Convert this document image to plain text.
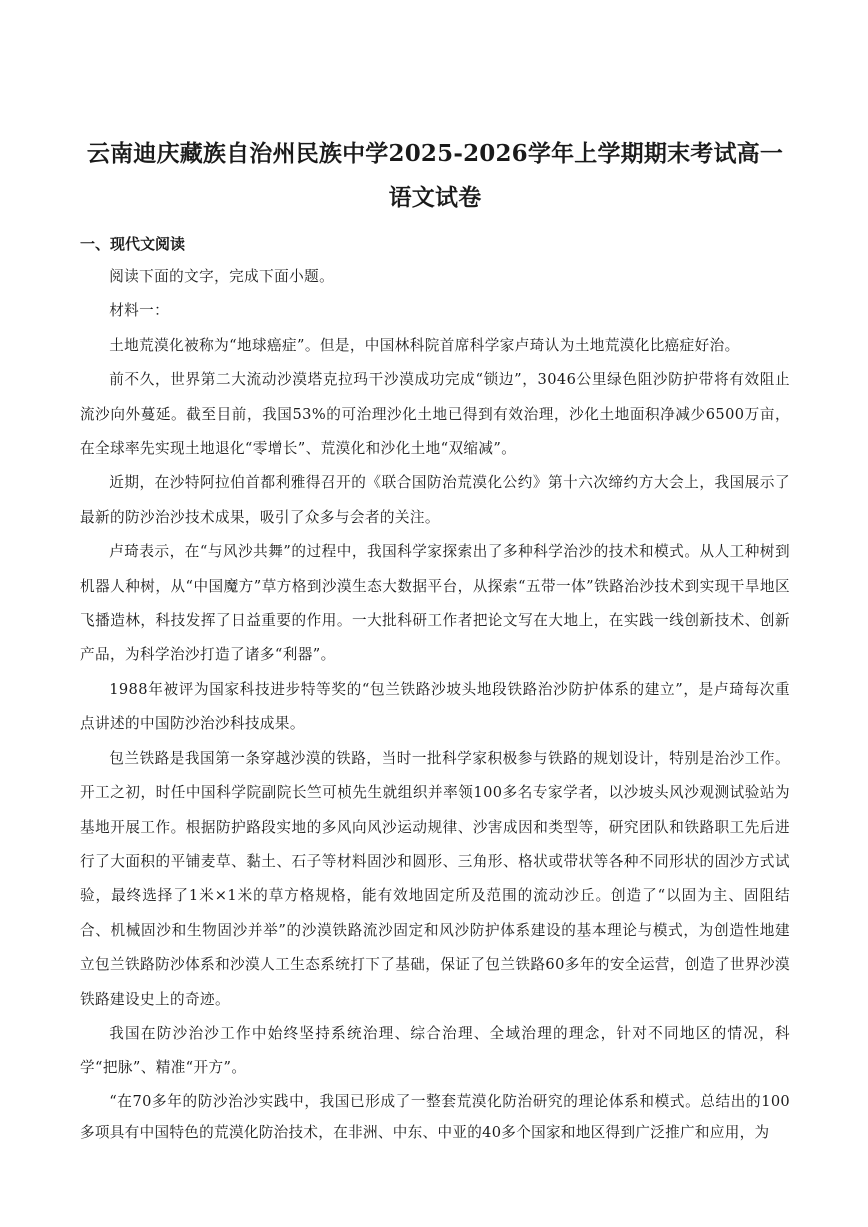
云南迪庆藏族自治州民族中学2025-2026学年上学期期末考试高一语文试卷
一、现代文阅读

阅读下面的文字，完成下面小题。

材料一：

土地荒漠化被称为“地球癌症”。但是，中国林科院首席科学家卢琦认为土地荒漠化比癌症好治。

前不久，世界第二大流动沙漠塔克拉玛干沙漠成功完成“锁边”，3046公里绿色阻沙防护带将有效阻止流沙向外蔓延。截至目前，我国53%的可治理沙化土地已得到有效治理，沙化土地面积净减少6500万亩，在全球率先实现土地退化“零增长”、荒漠化和沙化土地“双缩减”。

近期，在沙特阿拉伯首都利雅得召开的《联合国防治荒漠化公约》第十六次缔约方大会上，我国展示了最新的防沙治沙技术成果，吸引了众多与会者的关注。

卢琦表示，在“与风沙共舞”的过程中，我国科学家探索出了多种科学治沙的技术和模式。从人工种树到机器人种树，从“中国魔方”草方格到沙漠生态大数据平台，从探索“五带一体”铁路治沙技术到实现干旱地区飞播造林，科技发挥了日益重要的作用。一大批科研工作者把论文写在大地上，在实践一线创新技术、创新产品，为科学治沙打造了诸多“利器”。

1988年被评为国家科技进步特等奖的“包兰铁路沙坡头地段铁路治沙防护体系的建立”，是卢琦每次重点讲述的中国防沙治沙科技成果。

包兰铁路是我国第一条穿越沙漠的铁路，当时一批科学家积极参与铁路的规划设计，特别是治沙工作。开工之初，时任中国科学院副院长竺可桢先生就组织并率领100多名专家学者，以沙坡头风沙观测试验站为基地开展工作。根据防护路段实地的多风向风沙运动规律、沙害成因和类型等，研究团队和铁路职工先后进行了大面积的平铺麦草、黏土、石子等材料固沙和圆形、三角形、格状或带状等各种不同形状的固沙方式试验，最终选择了1米×1米的草方格规格，能有效地固定所及范围的流动沙丘。创造了“以固为主、固阻结合、机械固沙和生物固沙并举”的沙漠铁路流沙固定和风沙防护体系建设的基本理论与模式，为创造性地建立包兰铁路防沙体系和沙漠人工生态系统打下了基础，保证了包兰铁路60多年的安全运营，创造了世界沙漠铁路建设史上的奇迹。

我国在防沙治沙工作中始终坚持系统治理、综合治理、全域治理的理念，针对不同地区的情况，科学“把脉”、精准“开方”。

“在70多年的防沙治沙实践中，我国已形成了一整套荒漠化防治研究的理论体系和模式。总结出的100多项具有中国特色的荒漠化防治技术，在非洲、中东、中亚的40多个国家和地区得到广泛推广和应用，为
